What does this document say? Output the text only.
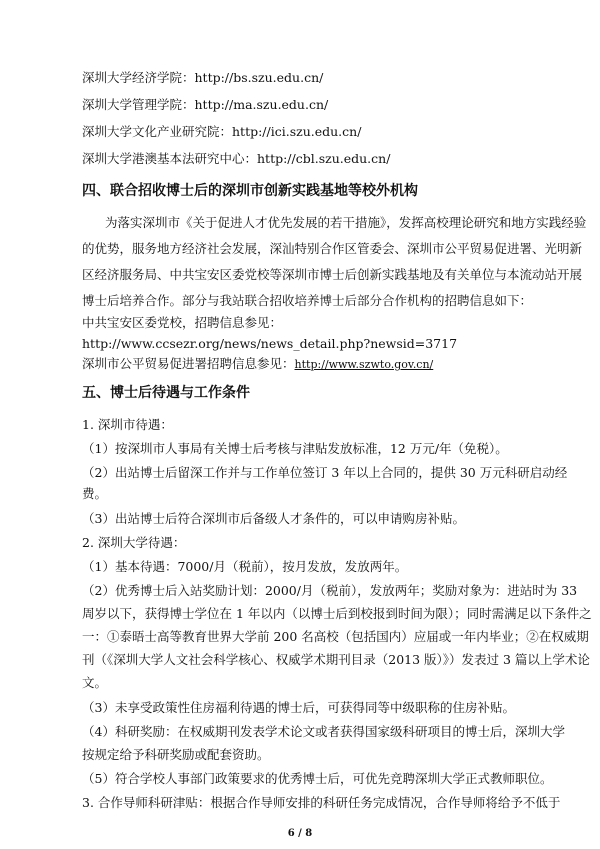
深圳大学经济学院：http://bs.szu.edu.cn/
深圳大学管理学院：http://ma.szu.edu.cn/
深圳大学文化产业研究院：http://ici.szu.edu.cn/
深圳大学港澳基本法研究中心：http://cbl.szu.edu.cn/
四、联合招收博士后的深圳市创新实践基地等校外机构
为落实深圳市《关于促进人才优先发展的若干措施》，发挥高校理论研究和地方实践经验
的优势，服务地方经济社会发展，深汕特别合作区管委会、深圳市公平贸易促进署、光明新
区经济服务局、中共宝安区委党校等深圳市博士后创新实践基地及有关单位与本流动站开展
博士后培养合作。部分与我站联合招收培养博士后部分合作机构的招聘信息如下：
中共宝安区委党校，招聘信息参见：
http://www.ccsezr.org/news/news_detail.php?newsid=3717
深圳市公平贸易促进署招聘信息参见：http://www.szwto.gov.cn/
五、博士后待遇与工作条件
1. 深圳市待遇：
（1）按深圳市人事局有关博士后考核与津贴发放标准，12 万元/年（免税）。
（2）出站博士后留深工作并与工作单位签订 3 年以上合同的，提供 30 万元科研启动经
费。
（3）出站博士后符合深圳市后备级人才条件的，可以申请购房补贴。
2. 深圳大学待遇：
（1）基本待遇：7000/月（税前），按月发放，发放两年。
（2）优秀博士后入站奖励计划：2000/月（税前），发放两年；奖励对象为：进站时为 33
周岁以下，获得博士学位在 1 年以内（以博士后到校报到时间为限）；同时需满足以下条件之
一：①泰晤士高等教育世界大学前 200 名高校（包括国内）应届或一年内毕业；②在权威期
刊（《深圳大学人文社会科学核心、权威学术期刊目录（2013 版）》）发表过 3 篇以上学术论
文。
（3）未享受政策性住房福利待遇的博士后，可获得同等中级职称的住房补贴。
（4）科研奖励：在权威期刊发表学术论文或者获得国家级科研项目的博士后，深圳大学
按规定给予科研奖励或配套资助。
（5）符合学校人事部门政策要求的优秀博士后，可优先竞聘深圳大学正式教师职位。
3. 合作导师科研津贴：根据合作导师安排的科研任务完成情况，合作导师将给予不低于
6 / 8
